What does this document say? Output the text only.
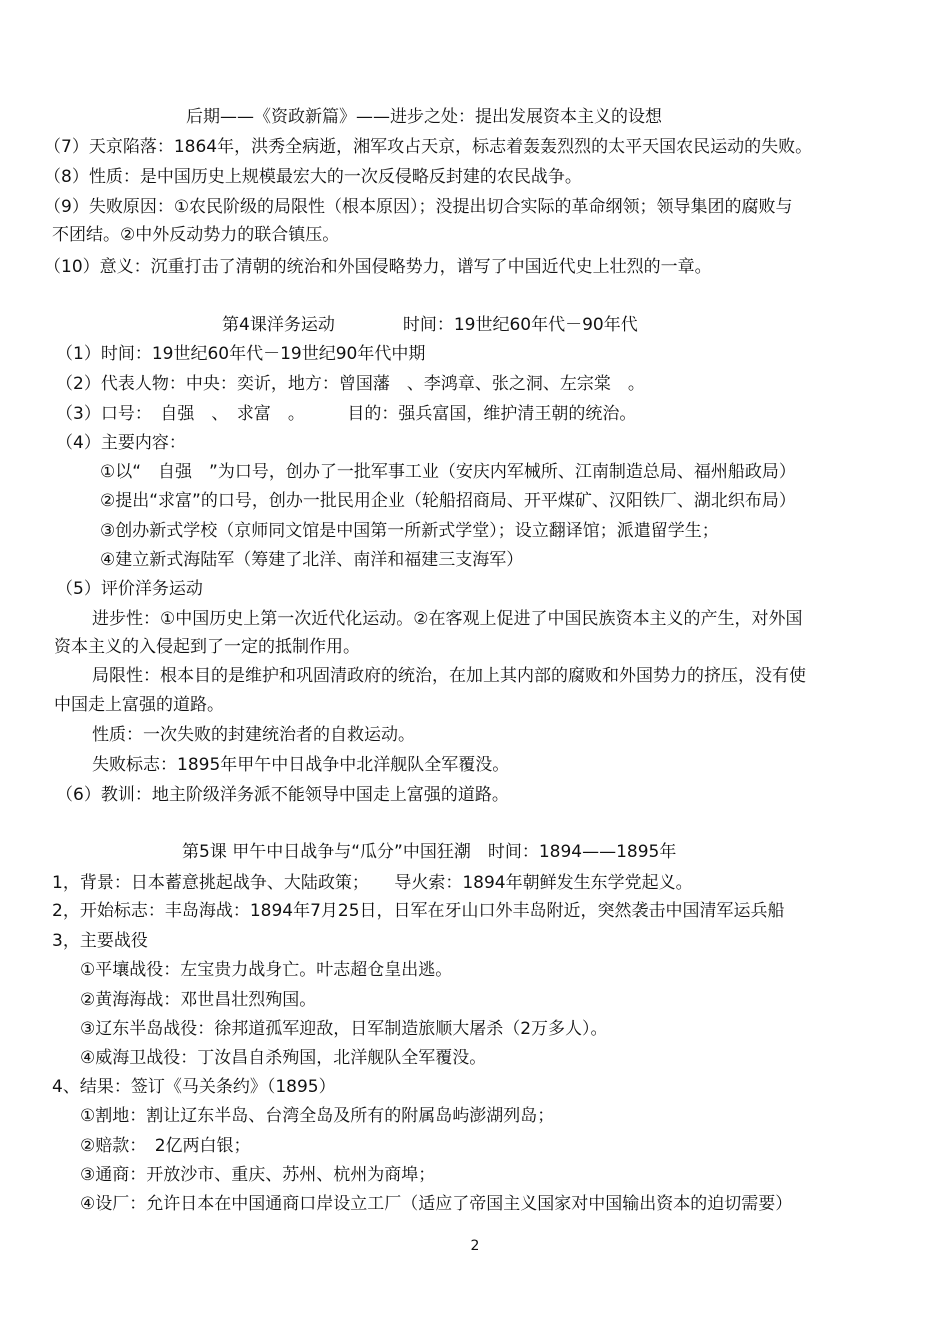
后期——《资政新篇》——进步之处：提出发展资本主义的设想
（7）天京陷落：1864年，洪秀全病逝，湘军攻占天京，标志着轰轰烈烈的太平天国农民运动的失败。
（8）性质：是中国历史上规模最宏大的一次反侵略反封建的农民战争。
（9）失败原因：①农民阶级的局限性（根本原因）；没提出切合实际的革命纲领；领导集团的腐败与
不团结。②中外反动势力的联合镇压。
（10）意义：沉重打击了清朝的统治和外国侵略势力，谱写了中国近代史上壮烈的一章。
第4课洋务运动　　　　时间：19世纪60年代－90年代
（1）时间：19世纪60年代－19世纪90年代中期
（2）代表人物：中央：奕䜣，地方：曾国藩　、李鸿章、张之洞、左宗棠　。
（3）口号：　自强　、　求富　。　　　目的：强兵富国，维护清王朝的统治。
（4）主要内容：
①以“　自强　”为口号，创办了一批军事工业（安庆内军械所、江南制造总局、福州船政局）
②提出“求富”的口号，创办一批民用企业（轮船招商局、开平煤矿、汉阳铁厂、湖北织布局）
③创办新式学校（京师同文馆是中国第一所新式学堂）；设立翻译馆；派遣留学生；
④建立新式海陆军（筹建了北洋、南洋和福建三支海军）
（5）评价洋务运动
进步性：①中国历史上第一次近代化运动。②在客观上促进了中国民族资本主义的产生，对外国
资本主义的入侵起到了一定的抵制作用。
局限性：根本目的是维护和巩固清政府的统治，在加上其内部的腐败和外国势力的挤压，没有使
中国走上富强的道路。
性质：一次失败的封建统治者的自救运动。
失败标志：1895年甲午中日战争中北洋舰队全军覆没。
（6）教训：地主阶级洋务派不能领导中国走上富强的道路。
第5课 甲午中日战争与“瓜分”中国狂潮　时间：1894——1895年
1，背景：日本蓄意挑起战争、大陆政策；　　导火索：1894年朝鲜发生东学党起义。
2，开始标志：丰岛海战：1894年7月25日，日军在牙山口外丰岛附近，突然袭击中国清军运兵船
3，主要战役
①平壤战役：左宝贵力战身亡。叶志超仓皇出逃。
②黄海海战：邓世昌壮烈殉国。
③辽东半岛战役：徐邦道孤军迎敌，日军制造旅顺大屠杀（2万多人）。
④威海卫战役：丁汝昌自杀殉国，北洋舰队全军覆没。
4、结果：签订《马关条约》（1895）
①割地：割让辽东半岛、台湾全岛及所有的附属岛屿澎湖列岛；
②赔款：　2亿两白银；
③通商：开放沙市、重庆、苏州、杭州为商埠；
④设厂：允许日本在中国通商口岸设立工厂（适应了帝国主义国家对中国输出资本的迫切需要）
2
